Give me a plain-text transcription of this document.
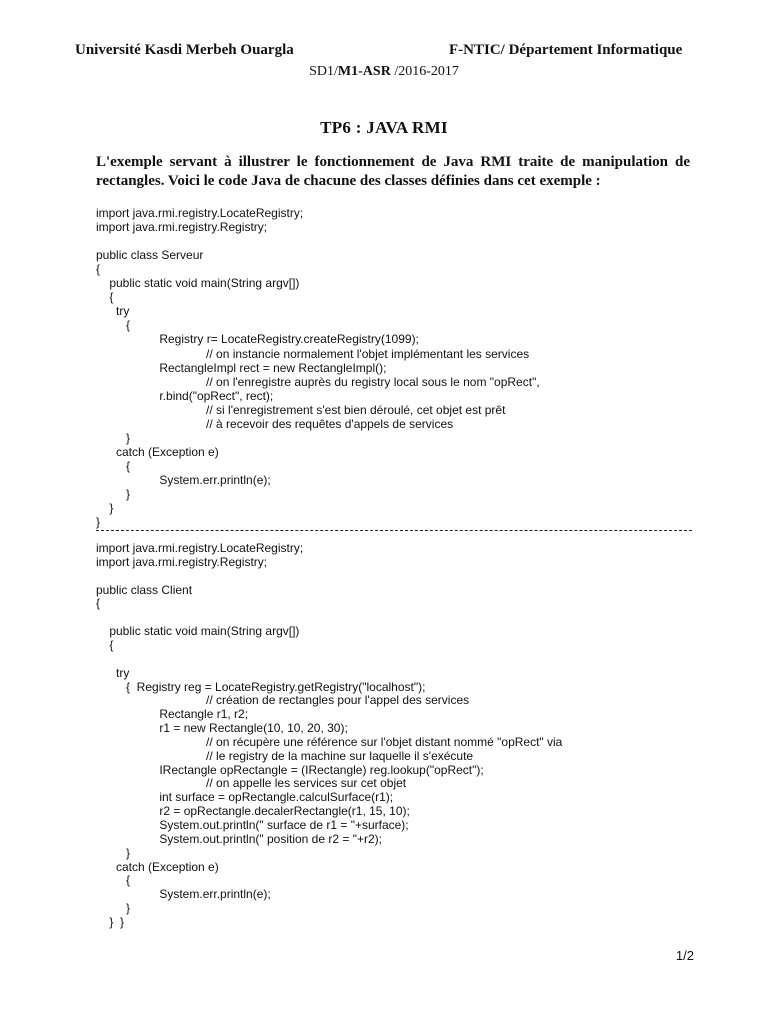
Université Kasdi Merbeh Ouargla	F-NTIC/ Département Informatique
SD1/M1-ASR /2016-2017
TP6 : JAVA RMI
L'exemple servant à illustrer le fonctionnement de Java RMI traite de manipulation de rectangles. Voici le code Java de chacune des classes définies dans cet exemple :
import java.rmi.registry.LocateRegistry;
import java.rmi.registry.Registry;
public class Serveur
{
public static void main(String argv[])
{
try
{
Registry r= LocateRegistry.createRegistry(1099);
// on instancie normalement l'objet implémentant les services
RectangleImpl rect = new RectangleImpl();
// on l'enregistre auprès du registry local sous le nom "opRect",
r.bind("opRect", rect);
// si l'enregistrement s'est bien déroulé, cet objet est prêt
// à recevoir des requêtes d'appels de services
}
catch (Exception e)
{
System.err.println(e);
}
}
}
import java.rmi.registry.LocateRegistry;
import java.rmi.registry.Registry;
public class Client
{
public static void main(String argv[])
{
try
{  Registry reg = LocateRegistry.getRegistry("localhost");
// création de rectangles pour l'appel des services
Rectangle r1, r2;
r1 = new Rectangle(10, 10, 20, 30);
// on récupère une référence sur l'objet distant nommé "opRect" via
// le registry de la machine sur laquelle il s'exécute
IRectangle opRectangle = (IRectangle) reg.lookup("opRect");
// on appelle les services sur cet objet
int surface = opRectangle.calculSurface(r1);
r2 = opRectangle.decalerRectangle(r1, 15, 10);
System.out.println(" surface de r1 = "+surface);
System.out.println(" position de r2 = "+r2);
}
catch (Exception e)
{
System.err.println(e);
}
}  }
1/2
